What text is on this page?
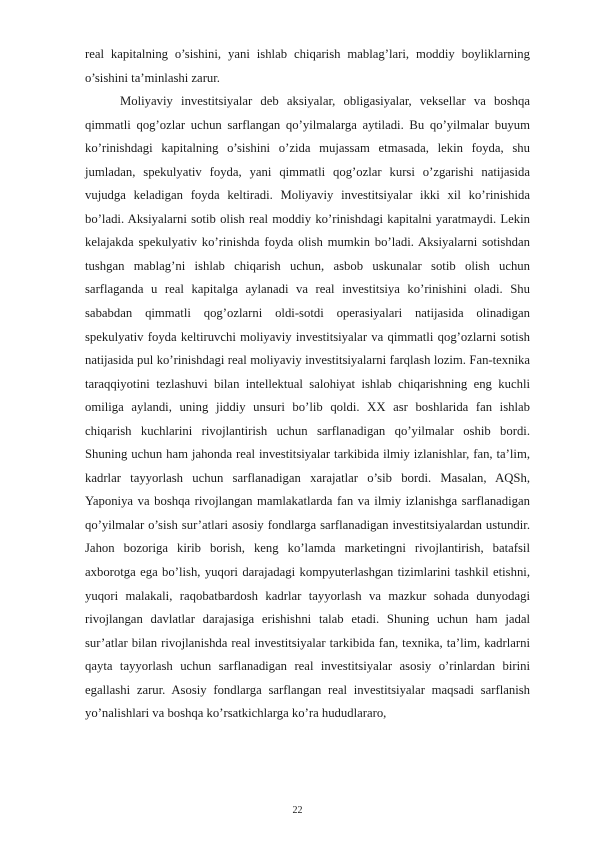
real kapitalning o’sishini, yani ishlab chiqarish mablag’lari, moddiy boyliklarning o’sishini ta’minlashi zarur.

Moliyaviy investitsiyalar deb aksiyalar, obligasiyalar, veksellar va boshqa qimmatli qog’ozlar uchun sarflangan qo’yilmalarga aytiladi. Bu qo’yilmalar buyum ko’rinishdagi kapitalning o’sishini o’zida mujassam etmasada, lekin foyda, shu jumladan, spekulyativ foyda, yani qimmatli qog’ozlar kursi o’zgarishi natijasida vujudga keladigan foyda keltiradi. Moliyaviy investitsiyalar ikki xil ko’rinishida bo’ladi. Aksiyalarni sotib olish real moddiy ko’rinishdagi kapitalni yaratmaydi. Lekin kelajakda spekulyativ ko’rinishda foyda olish mumkin bo’ladi. Aksiyalarni sotishdan tushgan mablag’ni ishlab chiqarish uchun, asbob uskunalar sotib olish uchun sarflaganda u real kapitalga aylanadi va real investitsiya ko’rinishini oladi. Shu sababdan qimmatli qog’ozlarni oldi-sotdi operasiyalari natijasida olinadigan spekulyativ foyda keltiruvchi moliyaviy investitsiyalar va qimmatli qog’ozlarni sotish natijasida pul ko’rinishdagi real moliyaviy investitsiyalarni farqlash lozim. Fan-texnika taraqqiyotini tezlashuvi bilan intellektual salohiyat ishlab chiqarishning eng kuchli omiliga aylandi, uning jiddiy unsuri bo’lib qoldi. XX asr boshlarida fan ishlab chiqarish kuchlarini rivojlantirish uchun sarflanadigan qo’yilmalar oshib bordi. Shuning uchun ham jahonda real investitsiyalar tarkibida ilmiy izlanishlar, fan, ta’lim, kadrlar tayyorlash uchun sarflanadigan xarajatlar o’sib bordi. Masalan, AQSh, Yaponiya va boshqa rivojlangan mamlakatlarda fan va ilmiy izlanishga sarflanadigan qo’yilmalar o’sish sur’atlari asosiy fondlarga sarflanadigan investitsiyalardan ustundir. Jahon bozoriga kirib borish, keng ko’lamda marketingni rivojlantirish, batafsil axborotga ega bo’lish, yuqori darajadagi kompyuterlashgan tizimlarini tashkil etishni, yuqori malakali, raqobatbardosh kadrlar tayyorlash va mazkur sohada dunyodagi rivojlangan davlatlar darajasiga erishishni talab etadi. Shuning uchun ham jadal sur’atlar bilan rivojlanishda real investitsiyalar tarkibida fan, texnika, ta’lim, kadrlarni qayta tayyorlash uchun sarflanadigan real investitsiyalar asosiy o’rinlardan birini egallashi zarur. Asosiy fondlarga sarflangan real investitsiyalar maqsadi sarflanish yo’nalishlari va boshqa ko’rsatkichlarga ko’ra hududlararo,

22
